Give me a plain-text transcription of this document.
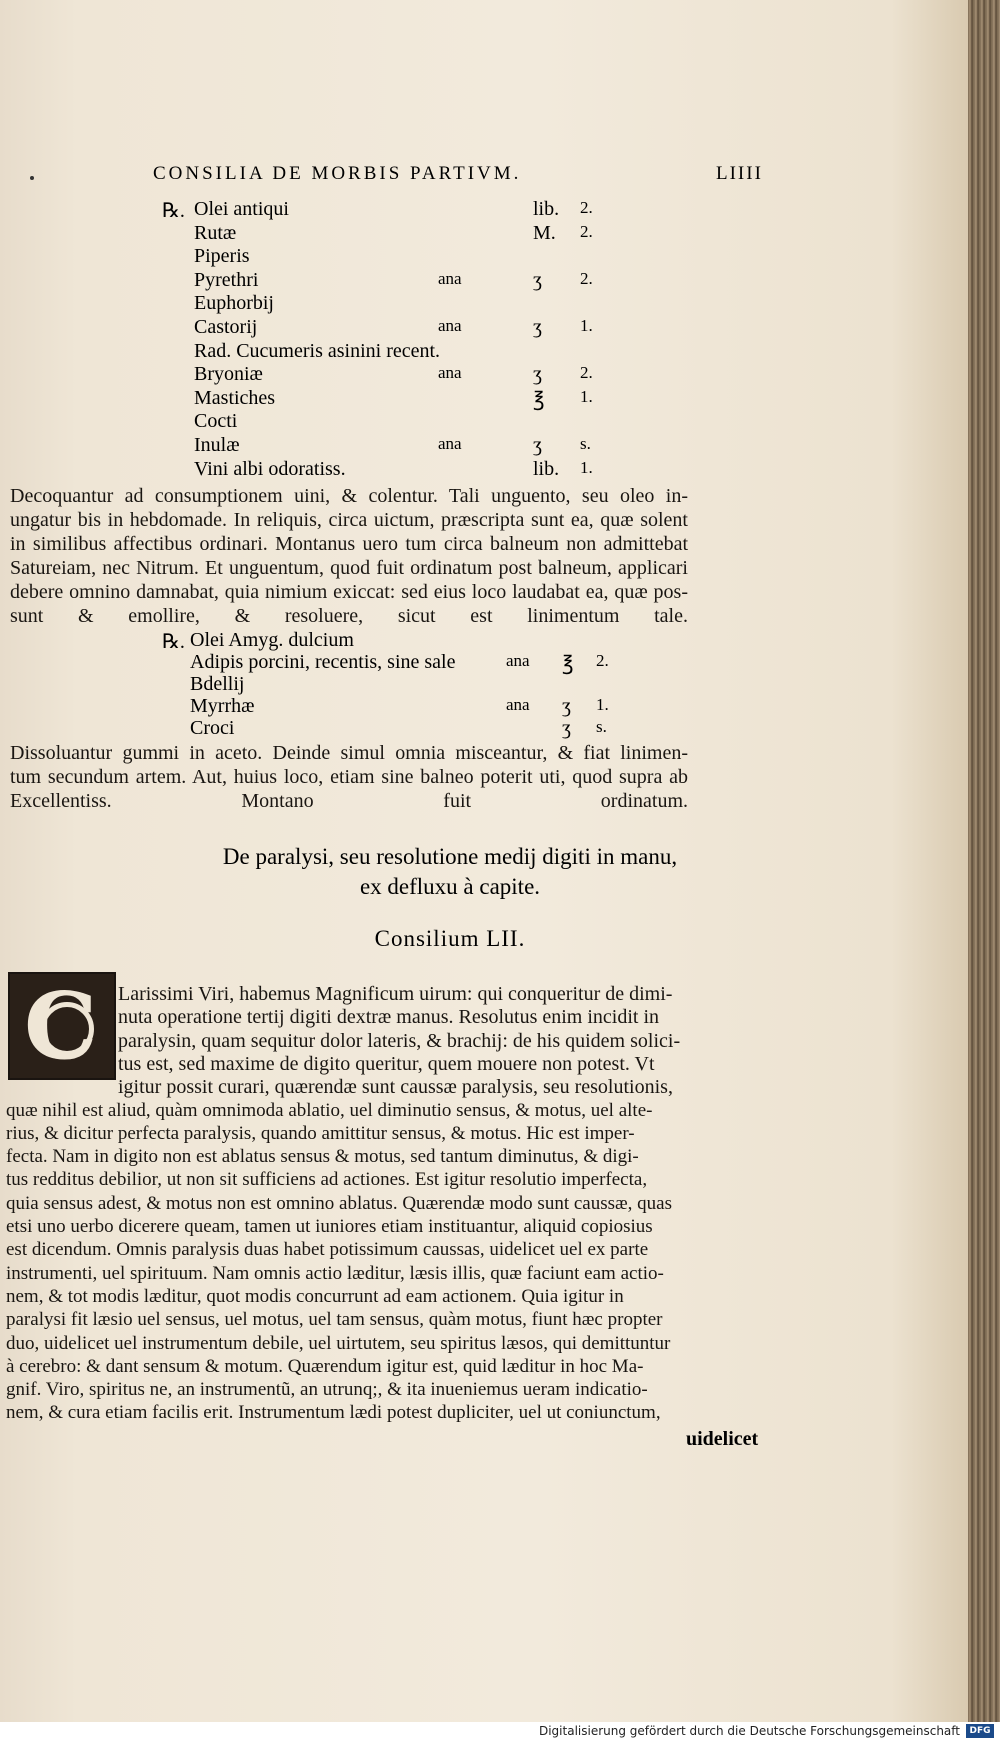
CONSILIA DE MORBIS PARTIVM.	LIIII
℞. Olei antiqui	lib. 2.
Rutæ	M. 2.
Piperis
Pyrethri	ana	ʒ 2.
Euphorbij
Castorij	ana	ʒ 1.
Rad. Cucumeris asinini recent.
Bryoniæ	ana	ʒ 2.
Mastiches	℥ 1.
Cocti
Inulæ	ana	ʒ s.
Vini albi odoratiss.	lib. 1.
Decoquantur ad consumptionem uini, & colentur. Tali unguento, seu oleo in-
ungatur bis in hebdomade. In reliquis, circa uictum, præscripta sunt ea, quæ solent
in similibus affectibus ordinari. Montanus uero tum circa balneum non admittebat
Satureiam, nec Nitrum. Et unguentum, quod fuit ordinatum post balneum, applicari
debere omnino damnabat, quia nimium exiccat: sed eius loco laudabat ea, quæ pos-
sunt & emollire, & resoluere, sicut est linimentum tale.
℞. Olei Amyg. dulcium
Adipis porcini, recentis, sine sale	ana ℥ 2.
Bdellij
Myrrhæ	ana ʒ 1.
Croci	ʒ s.
Dissoluantur gummi in aceto. Deinde simul omnia misceantur, & fiat linimen-
tum secundum artem. Aut, huius loco, etiam sine balneo poterit uti, quod supra ab
Excellentiss. Montano fuit ordinatum.
De paralysi, seu resolutione medij digiti in manu,
ex defluxu à capite.
Consilium LII.
C Larissimi Viri, habemus Magnificum uirum: qui conqueritur de dimi-
nuta operatione tertij digiti dextræ manus. Resolutus enim incidit in
paralysin, quam sequitur dolor lateris, & brachij: de his quidem solici-
tus est, sed maxime de digito queritur, quem mouere non potest. Vt
igitur possit curari, quærendæ sunt caussæ paralysis, seu resolutionis,
quæ nihil est aliud, quàm omnimoda ablatio, uel diminutio sensus, & motus, uel alte-
rius, & dicitur perfecta paralysis, quando amittitur sensus, & motus. Hic est imper-
fecta. Nam in digito non est ablatus sensus & motus, sed tantum diminutus, & digi-
tus redditus debilior, ut non sit sufficiens ad actiones. Est igitur resolutio imperfecta,
quia sensus adest, & motus non est omnino ablatus. Quærendæ modo sunt caussæ, quas
etsi uno uerbo dicerere queam, tamen ut iuniores etiam instituantur, aliquid copiosius
est dicendum. Omnis paralysis duas habet potissimum caussas, uidelicet uel ex parte
instrumenti, uel spirituum. Nam omnis actio læditur, læsis illis, quæ faciunt eam actio-
nem, & tot modis læditur, quot modis concurrunt ad eam actionem. Quia igitur in
paralysi fit læsio uel sensus, uel motus, uel tam sensus, quàm motus, fiunt hæc propter
duo, uidelicet uel instrumentum debile, uel uirtutem, seu spiritus læsos, qui demittuntur
à cerebro: & dant sensum & motum. Quærendum igitur est, quid læditur in hoc Ma-
gnif. Viro, spiritus ne, an instrumentũ, an utrunq;, & ita inueniemus ueram indicatio-
nem, & cura etiam facilis erit. Instrumentum lædi potest dupliciter, uel ut coniunctum,
uidelicet
Digitalisierung gefördert durch die Deutsche Forschungsgemeinschaft	DFG
